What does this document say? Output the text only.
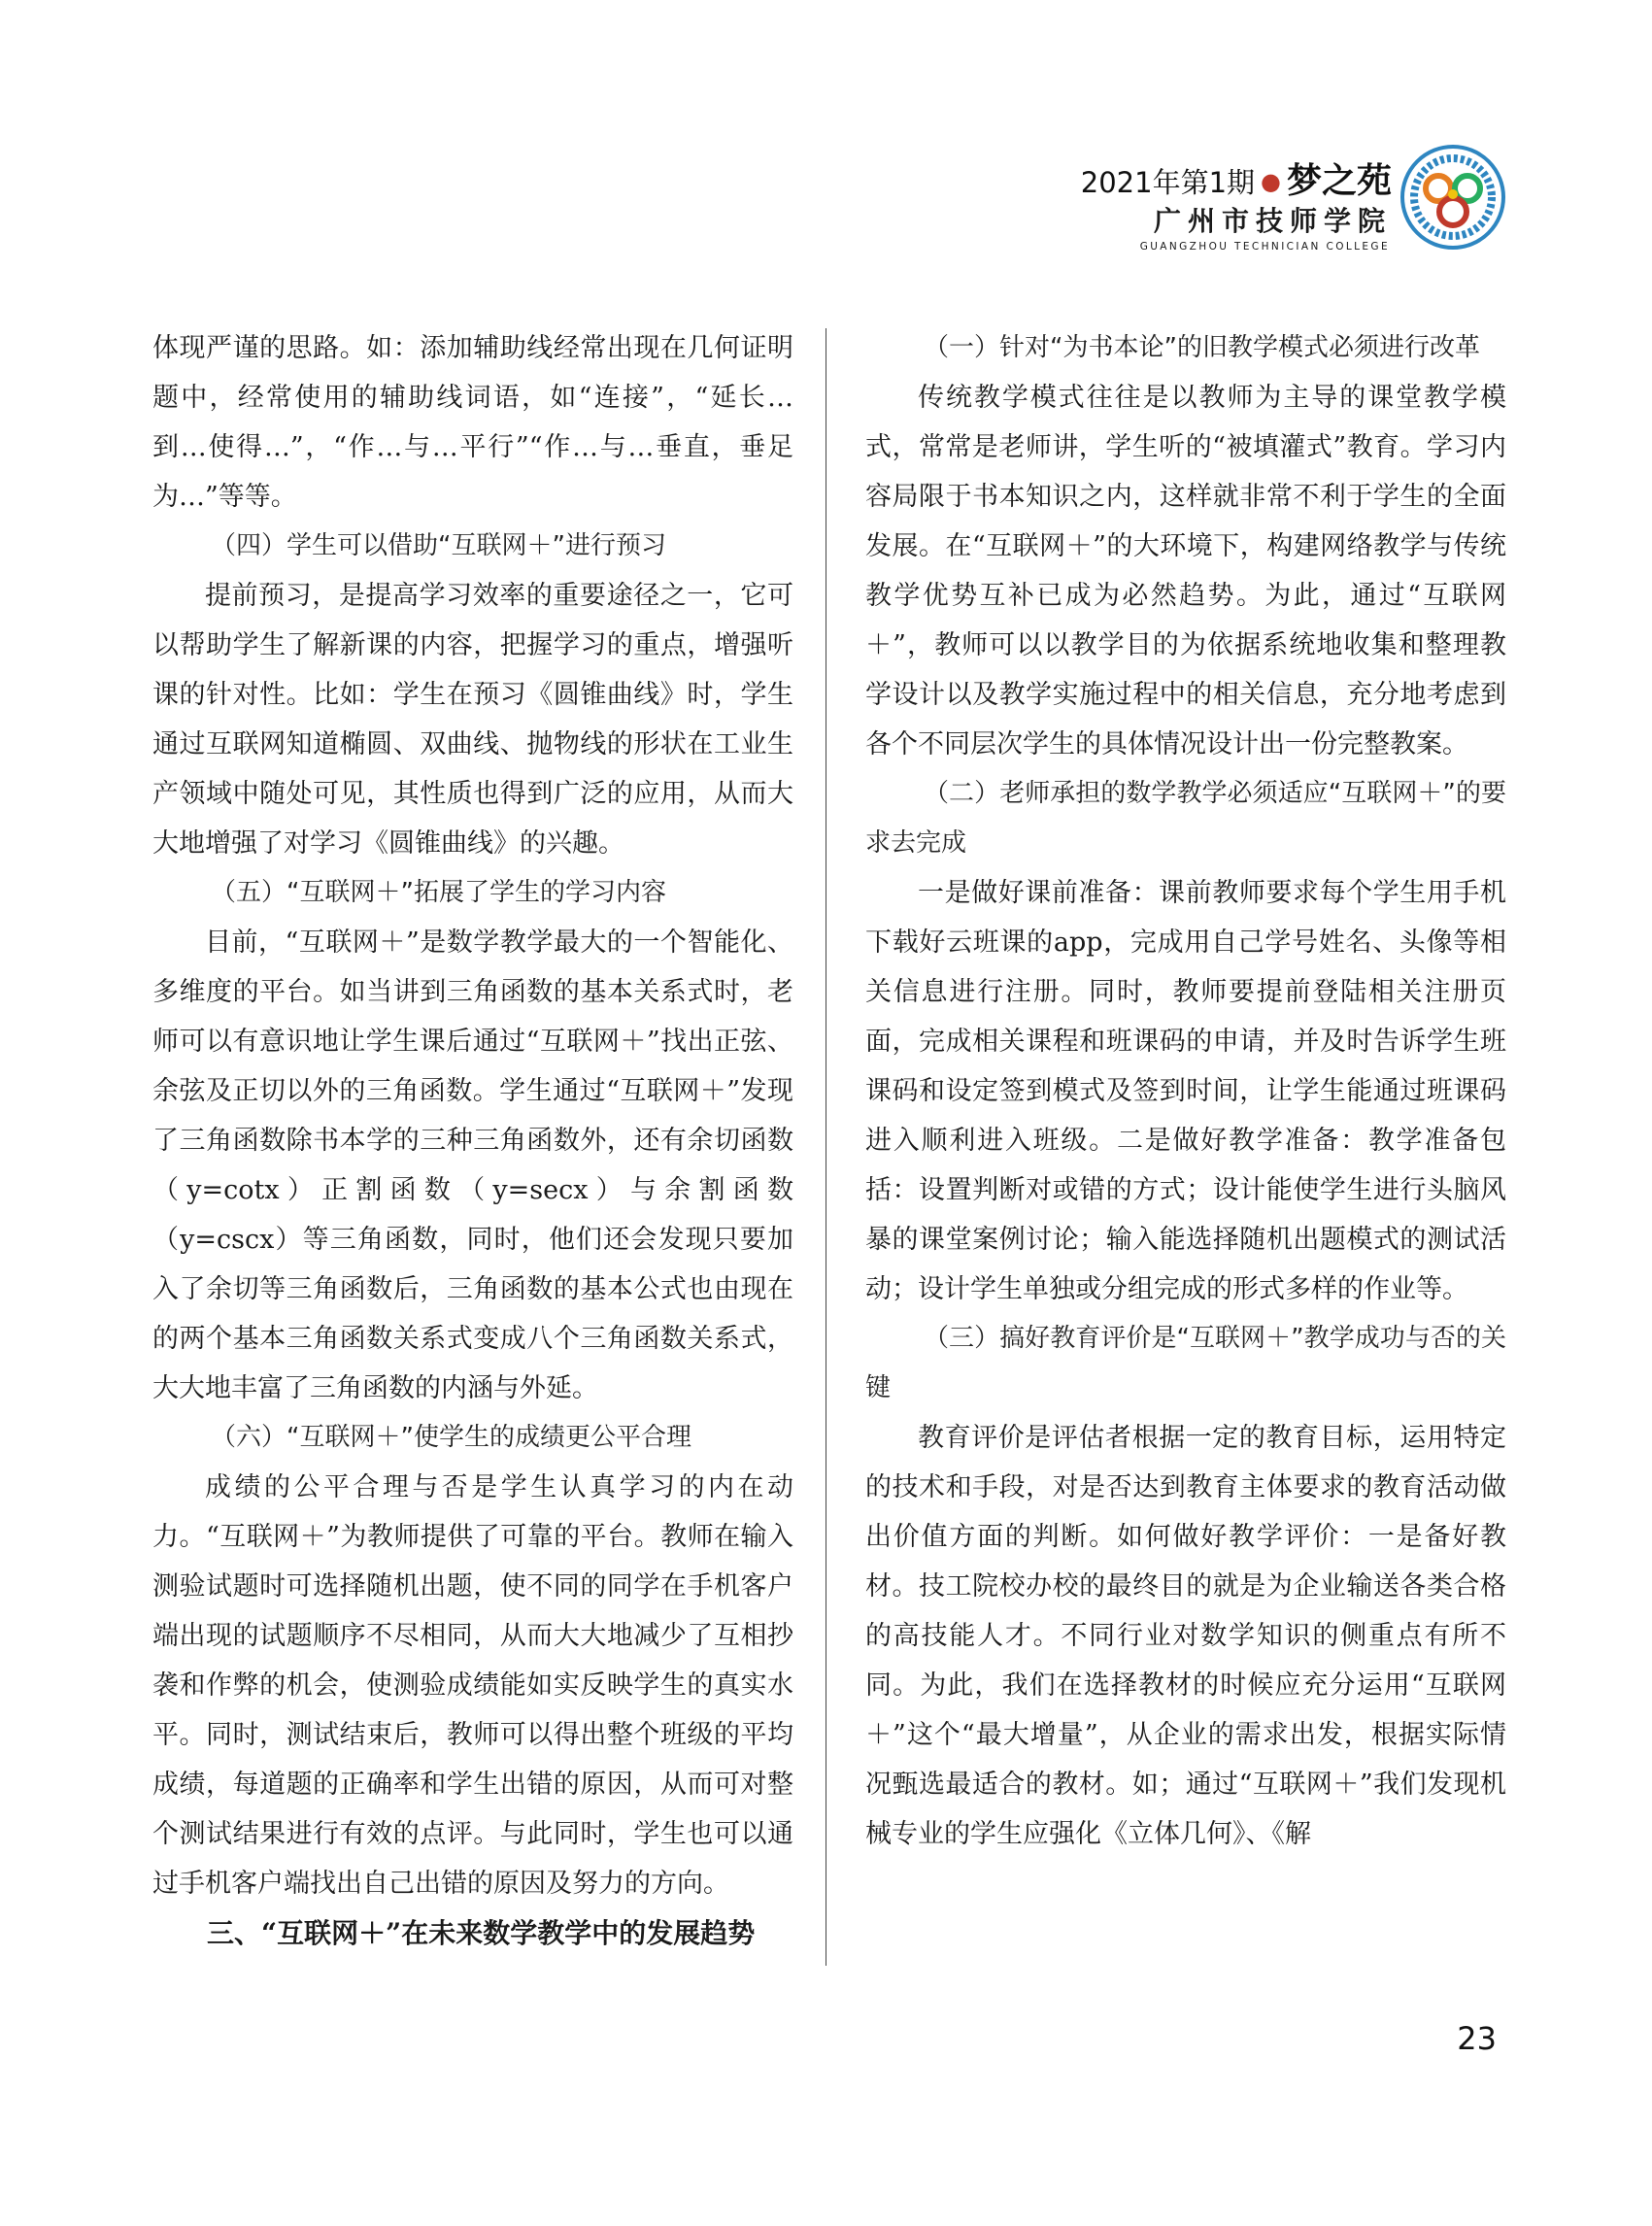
2021年第1期 ● 梦之苑
广州市技师学院
GUANGZHOU TECHNICIAN COLLEGE

体现严谨的思路。如：添加辅助线经常出现在几何证明题中，经常使用的辅助线词语，如“连接”，“延长…到…使得…”，“作…与…平行”“作…与…垂直，垂足为…”等等。

（四）学生可以借助“互联网＋”进行预习

提前预习，是提高学习效率的重要途径之一，它可以帮助学生了解新课的内容，把握学习的重点，增强听课的针对性。比如：学生在预习《圆锥曲线》时，学生通过互联网知道椭圆、双曲线、抛物线的形状在工业生产领域中随处可见，其性质也得到广泛的应用，从而大大地增强了对学习《圆锥曲线》的兴趣。

（五）“互联网＋”拓展了学生的学习内容

目前，“互联网＋”是数学教学最大的一个智能化、多维度的平台。如当讲到三角函数的基本关系式时，老师可以有意识地让学生课后通过“互联网＋”找出正弦、余弦及正切以外的三角函数。学生通过“互联网＋”发现了三角函数除书本学的三种三角函数外，还有余切函数（y=cotx）正割函数（y=secx）与余割函数（y=cscx）等三角函数，同时，他们还会发现只要加入了余切等三角函数后，三角函数的基本公式也由现在的两个基本三角函数关系式变成八个三角函数关系式，大大地丰富了三角函数的内涵与外延。

（六）“互联网＋”使学生的成绩更公平合理

成绩的公平合理与否是学生认真学习的内在动力。“互联网＋”为教师提供了可靠的平台。教师在输入测验试题时可选择随机出题，使不同的同学在手机客户端出现的试题顺序不尽相同，从而大大地减少了互相抄袭和作弊的机会，使测验成绩能如实反映学生的真实水平。同时，测试结束后，教师可以得出整个班级的平均成绩，每道题的正确率和学生出错的原因，从而可对整个测试结果进行有效的点评。与此同时，学生也可以通过手机客户端找出自己出错的原因及努力的方向。

三、“互联网＋”在未来数学教学中的发展趋势

（一）针对“为书本论”的旧教学模式必须进行改革

传统教学模式往往是以教师为主导的课堂教学模式，常常是老师讲，学生听的“被填灌式”教育。学习内容局限于书本知识之内，这样就非常不利于学生的全面发展。在“互联网＋”的大环境下，构建网络教学与传统教学优势互补已成为必然趋势。为此，通过“互联网＋”，教师可以以教学目的为依据系统地收集和整理教学设计以及教学实施过程中的相关信息，充分地考虑到各个不同层次学生的具体情况设计出一份完整教案。

（二）老师承担的数学教学必须适应“互联网＋”的要求去完成

一是做好课前准备：课前教师要求每个学生用手机下载好云班课的app，完成用自己学号姓名、头像等相关信息进行注册。同时，教师要提前登陆相关注册页面，完成相关课程和班课码的申请，并及时告诉学生班课码和设定签到模式及签到时间，让学生能通过班课码进入顺利进入班级。二是做好教学准备：教学准备包括：设置判断对或错的方式；设计能使学生进行头脑风暴的课堂案例讨论；输入能选择随机出题模式的测试活动；设计学生单独或分组完成的形式多样的作业等。

（三）搞好教育评价是“互联网＋”教学成功与否的关键

教育评价是评估者根据一定的教育目标，运用特定的技术和手段，对是否达到教育主体要求的教育活动做出价值方面的判断。如何做好教学评价：一是备好教材。技工院校办校的最终目的就是为企业输送各类合格的高技能人才。不同行业对数学知识的侧重点有所不同。为此，我们在选择教材的时候应充分运用“互联网＋”这个“最大增量”，从企业的需求出发，根据实际情况甄选最适合的教材。如；通过“互联网＋”我们发现机械专业的学生应强化《立体几何》、《解

23
